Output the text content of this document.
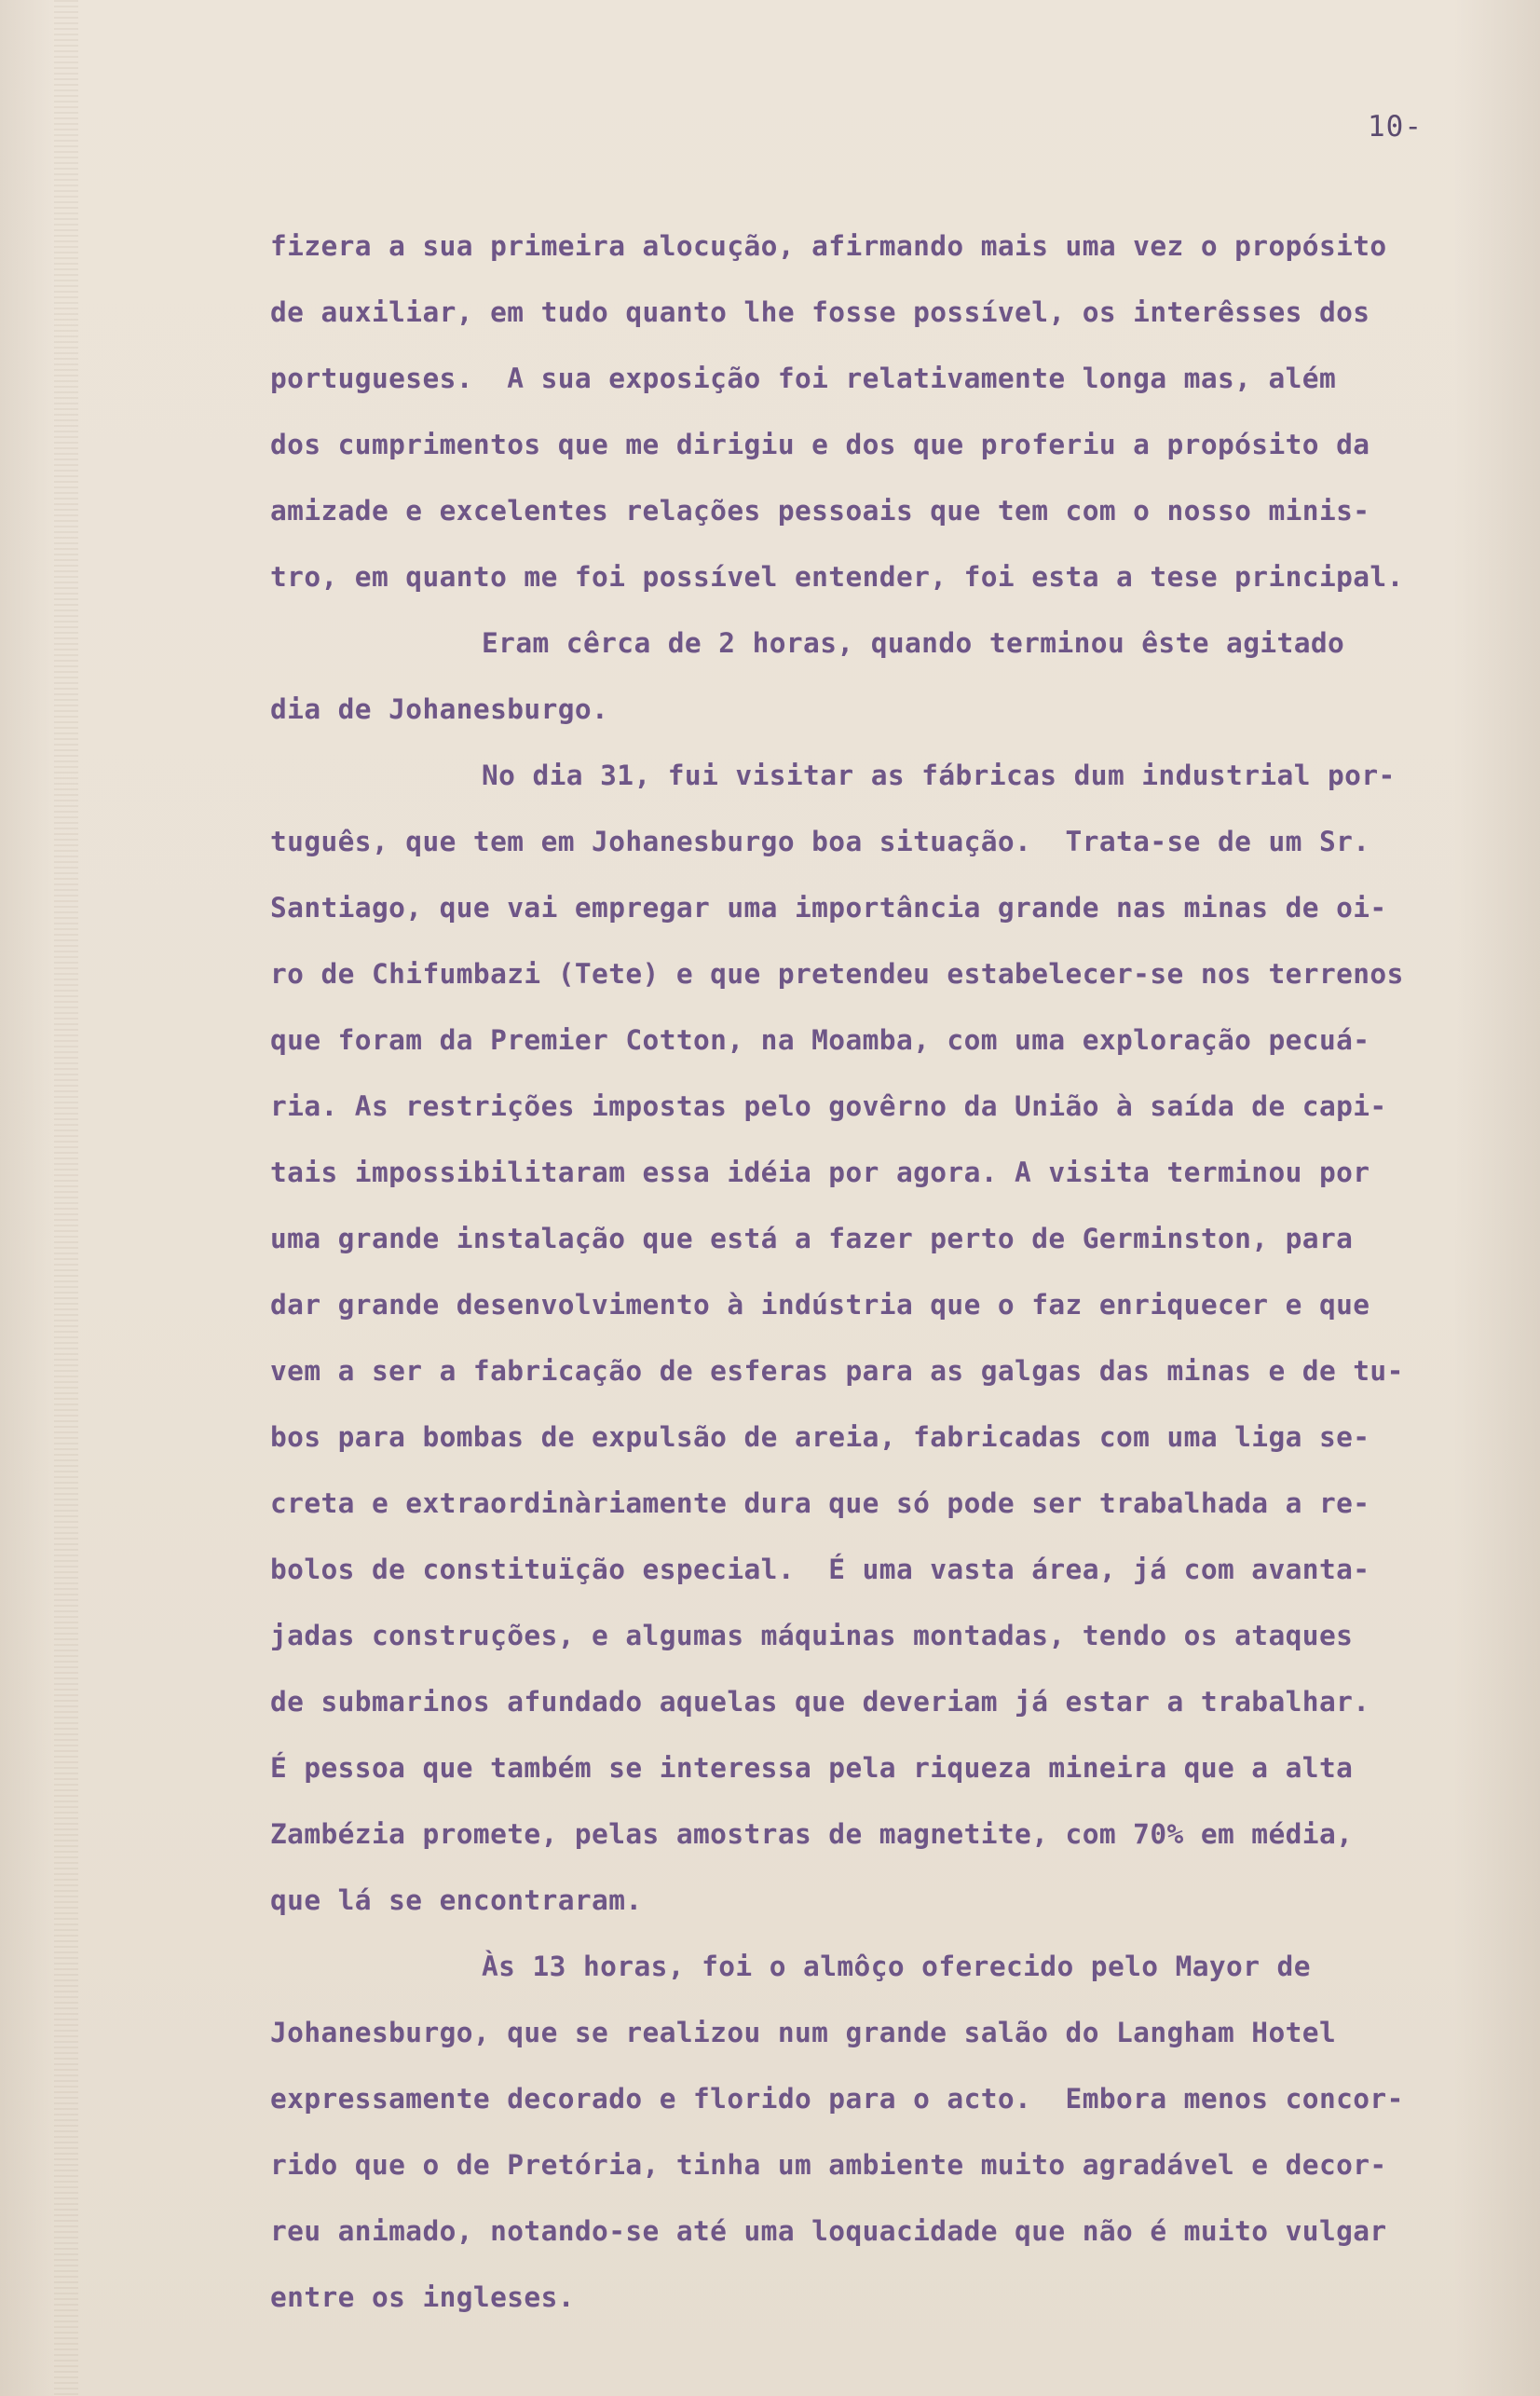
10-
fizera a sua primeira alocução, afirmando mais uma vez o propósito
de auxiliar, em tudo quanto lhe fosse possível, os interêsses dos
portugueses.  A sua exposição foi relativamente longa mas, além
dos cumprimentos que me dirigiu e dos que proferiu a propósito da
amizade e excelentes relações pessoais que tem com o nosso minis-
tro, em quanto me foi possível entender, foi esta a tese principal.
Eram cêrca de 2 horas, quando terminou êste agitado
dia de Johanesburgo.
No dia 31, fui visitar as fábricas dum industrial por-
tuguês, que tem em Johanesburgo boa situação.  Trata-se de um Sr.
Santiago, que vai empregar uma importância grande nas minas de oi-
ro de Chifumbazi (Tete) e que pretendeu estabelecer-se nos terrenos
que foram da Premier Cotton, na Moamba, com uma exploração pecuá-
ria. As restrições impostas pelo govêrno da União à saída de capi-
tais impossibilitaram essa idéia por agora. A visita terminou por
uma grande instalação que está a fazer perto de Germinston, para
dar grande desenvolvimento à indústria que o faz enriquecer e que
vem a ser a fabricação de esferas para as galgas das minas e de tu-
bos para bombas de expulsão de areia, fabricadas com uma liga se-
creta e extraordinàriamente dura que só pode ser trabalhada a re-
bolos de constituïção especial.  É uma vasta área, já com avanta-
jadas construções, e algumas máquinas montadas, tendo os ataques
de submarinos afundado aquelas que deveriam já estar a trabalhar.
É pessoa que também se interessa pela riqueza mineira que a alta
Zambézia promete, pelas amostras de magnetite, com 70% em média,
que lá se encontraram.
Às 13 horas, foi o almôço oferecido pelo Mayor de
Johanesburgo, que se realizou num grande salão do Langham Hotel
expressamente decorado e florido para o acto.  Embora menos concor-
rido que o de Pretória, tinha um ambiente muito agradável e decor-
reu animado, notando-se até uma loquacidade que não é muito vulgar
entre os ingleses.
